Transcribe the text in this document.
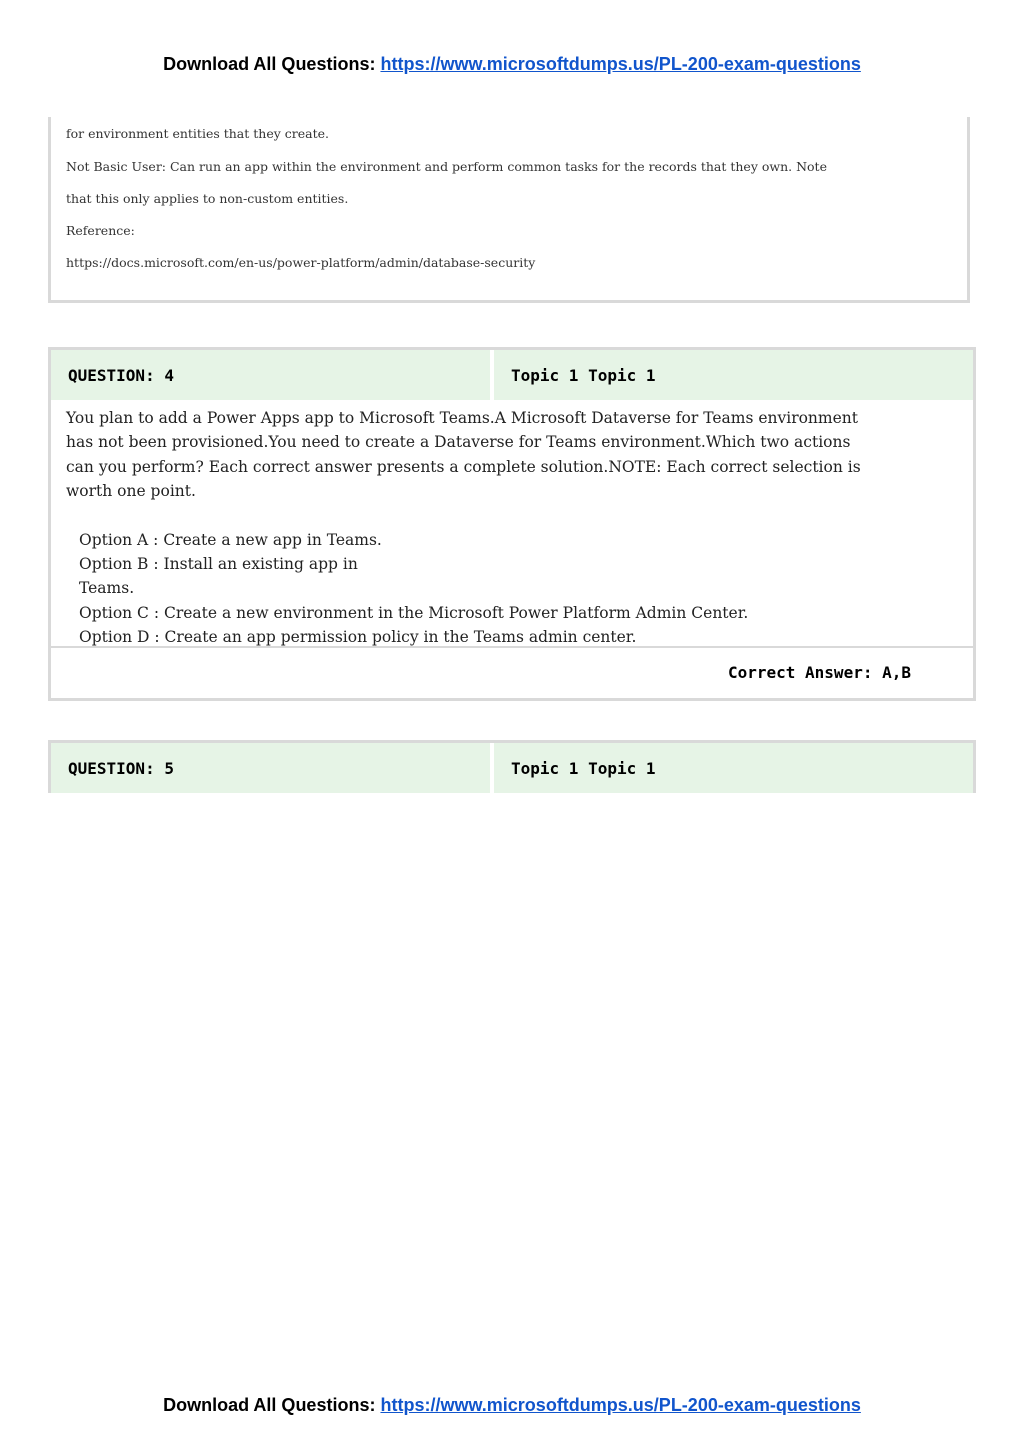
Download All Questions: https://www.microsoftdumps.us/PL-200-exam-questions
for environment entities that they create.
Not Basic User: Can run an app within the environment and perform common tasks for the records that they own. Note
that this only applies to non-custom entities.
Reference:
https://docs.microsoft.com/en-us/power-platform/admin/database-security
QUESTION: 4	Topic 1 Topic 1
You plan to add a Power Apps app to Microsoft Teams.A Microsoft Dataverse for Teams environment
has not been provisioned.You need to create a Dataverse for Teams environment.Which two actions
can you perform? Each correct answer presents a complete solution.NOTE: Each correct selection is
worth one point.
Option A : Create a new app in Teams.
Option B : Install an existing app in
Teams.
Option C : Create a new environment in the Microsoft Power Platform Admin Center.
Option D : Create an app permission policy in the Teams admin center.
Correct Answer: A,B
QUESTION: 5	Topic 1 Topic 1
Download All Questions: https://www.microsoftdumps.us/PL-200-exam-questions
